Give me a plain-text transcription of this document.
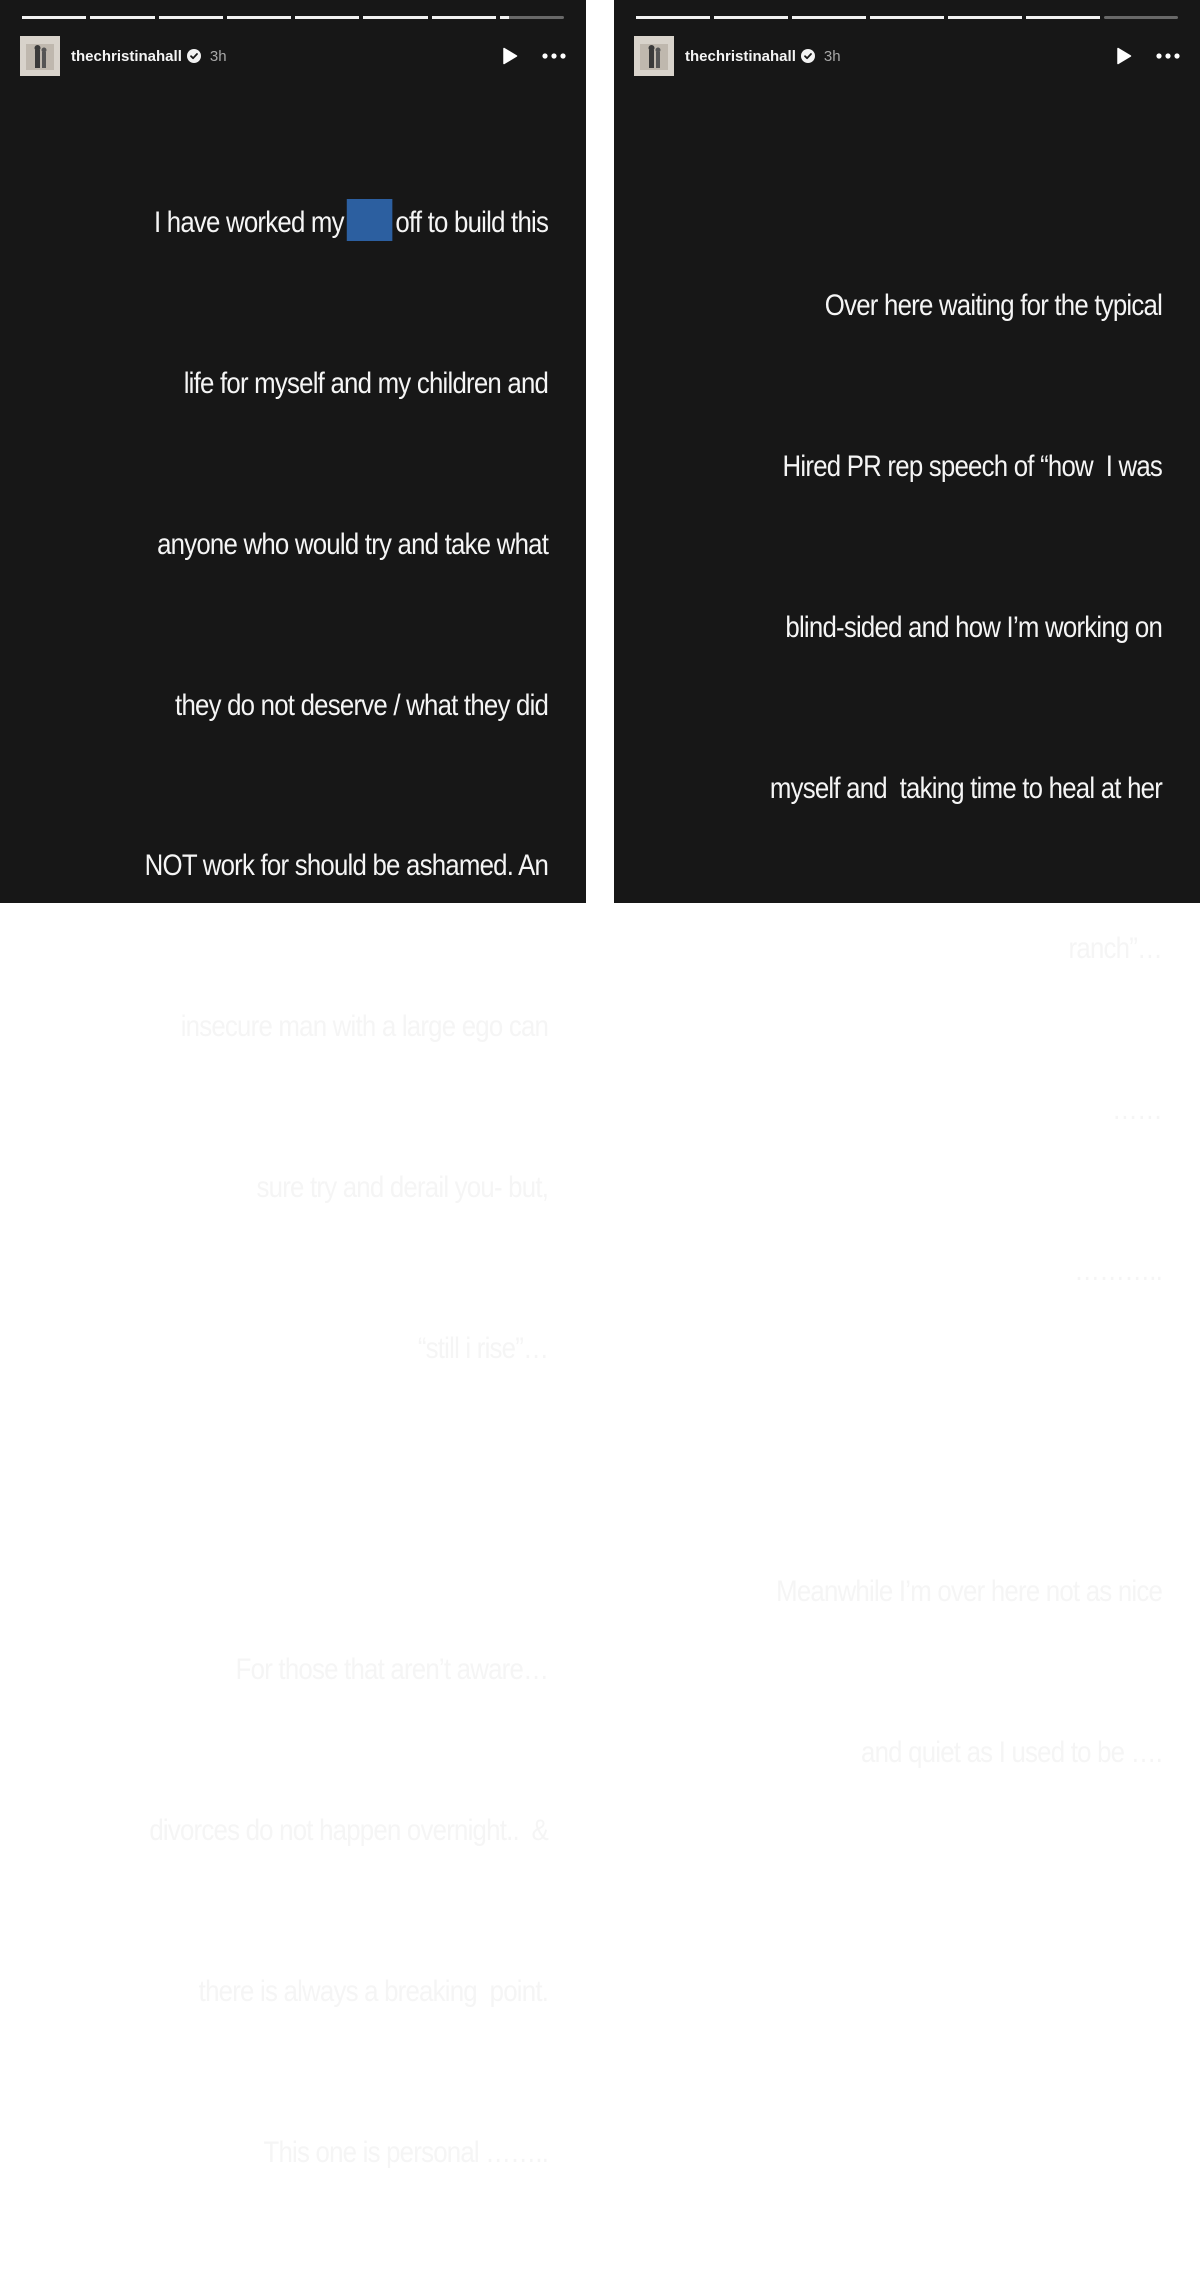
thechristinahall 3h

I have worked my off to build this

life for myself and my children and

anyone who would try and take what

they do not deserve / what they did

NOT work for should be ashamed. An

insecure man with a large ego can

sure try and derail you- but,

“still i rise”…

For those that aren’t aware…

divorces do not happen overnight..  &

there is always a breaking  point.

This one is personal ……..

thechristinahall 3h

Over here waiting for the typical

Hired PR rep speech of “how  I was

blind-sided and how I’m working on

myself and  taking time to heal at her

ranch”…

……

………..

Meanwhile I’m over here not as nice

and quiet as I used to be ….
